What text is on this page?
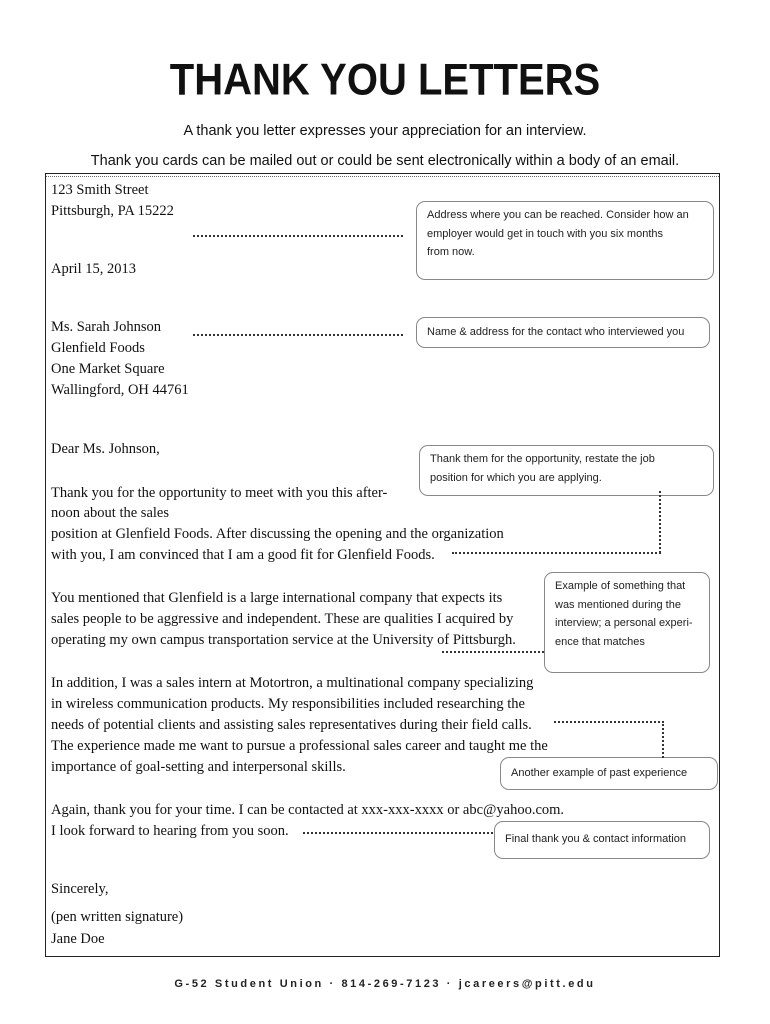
THANK YOU LETTERS
A thank you letter expresses your appreciation for an interview.
Thank you cards can be mailed out or could be sent electronically within a body of an email.
123 Smith Street
Pittsburgh, PA 15222
April 15, 2013
Ms. Sarah Johnson
Glenfield Foods
One Market Square
Wallingford, OH 44761
Dear Ms. Johnson,
Thank you for the opportunity to meet with you this after-
noon about the sales
position at Glenfield Foods. After discussing the opening and the organization
with you, I am convinced that I am a good fit for Glenfield Foods.
You mentioned that Glenfield is a large international company that expects its
sales people to be aggressive and independent. These are qualities I acquired by
operating my own campus transportation service at the University of Pittsburgh.
In addition, I was a sales intern at Motortron, a multinational company specializing
in wireless communication products. My responsibilities included researching the
needs of potential clients and assisting sales representatives during their field calls.
The experience made me want to pursue a professional sales career and taught me the
importance of goal-setting and interpersonal skills.
Again, thank you for your time. I can be contacted at xxx-xxx-xxxx or abc@yahoo.com.
I look forward to hearing from you soon.
Sincerely,
(pen written signature)
Jane Doe
Address where you can be reached. Consider how an
employer would get in touch with you six months
from now.
Name & address for the contact who interviewed you
Thank them for the opportunity, restate the job
position for which you are applying.
Example of something that
was mentioned during the
interview; a personal experi-
ence that matches
Another example of past experience
Final thank you & contact information
G-52 Student Union · 814-269-7123 · jcareers@pitt.edu
